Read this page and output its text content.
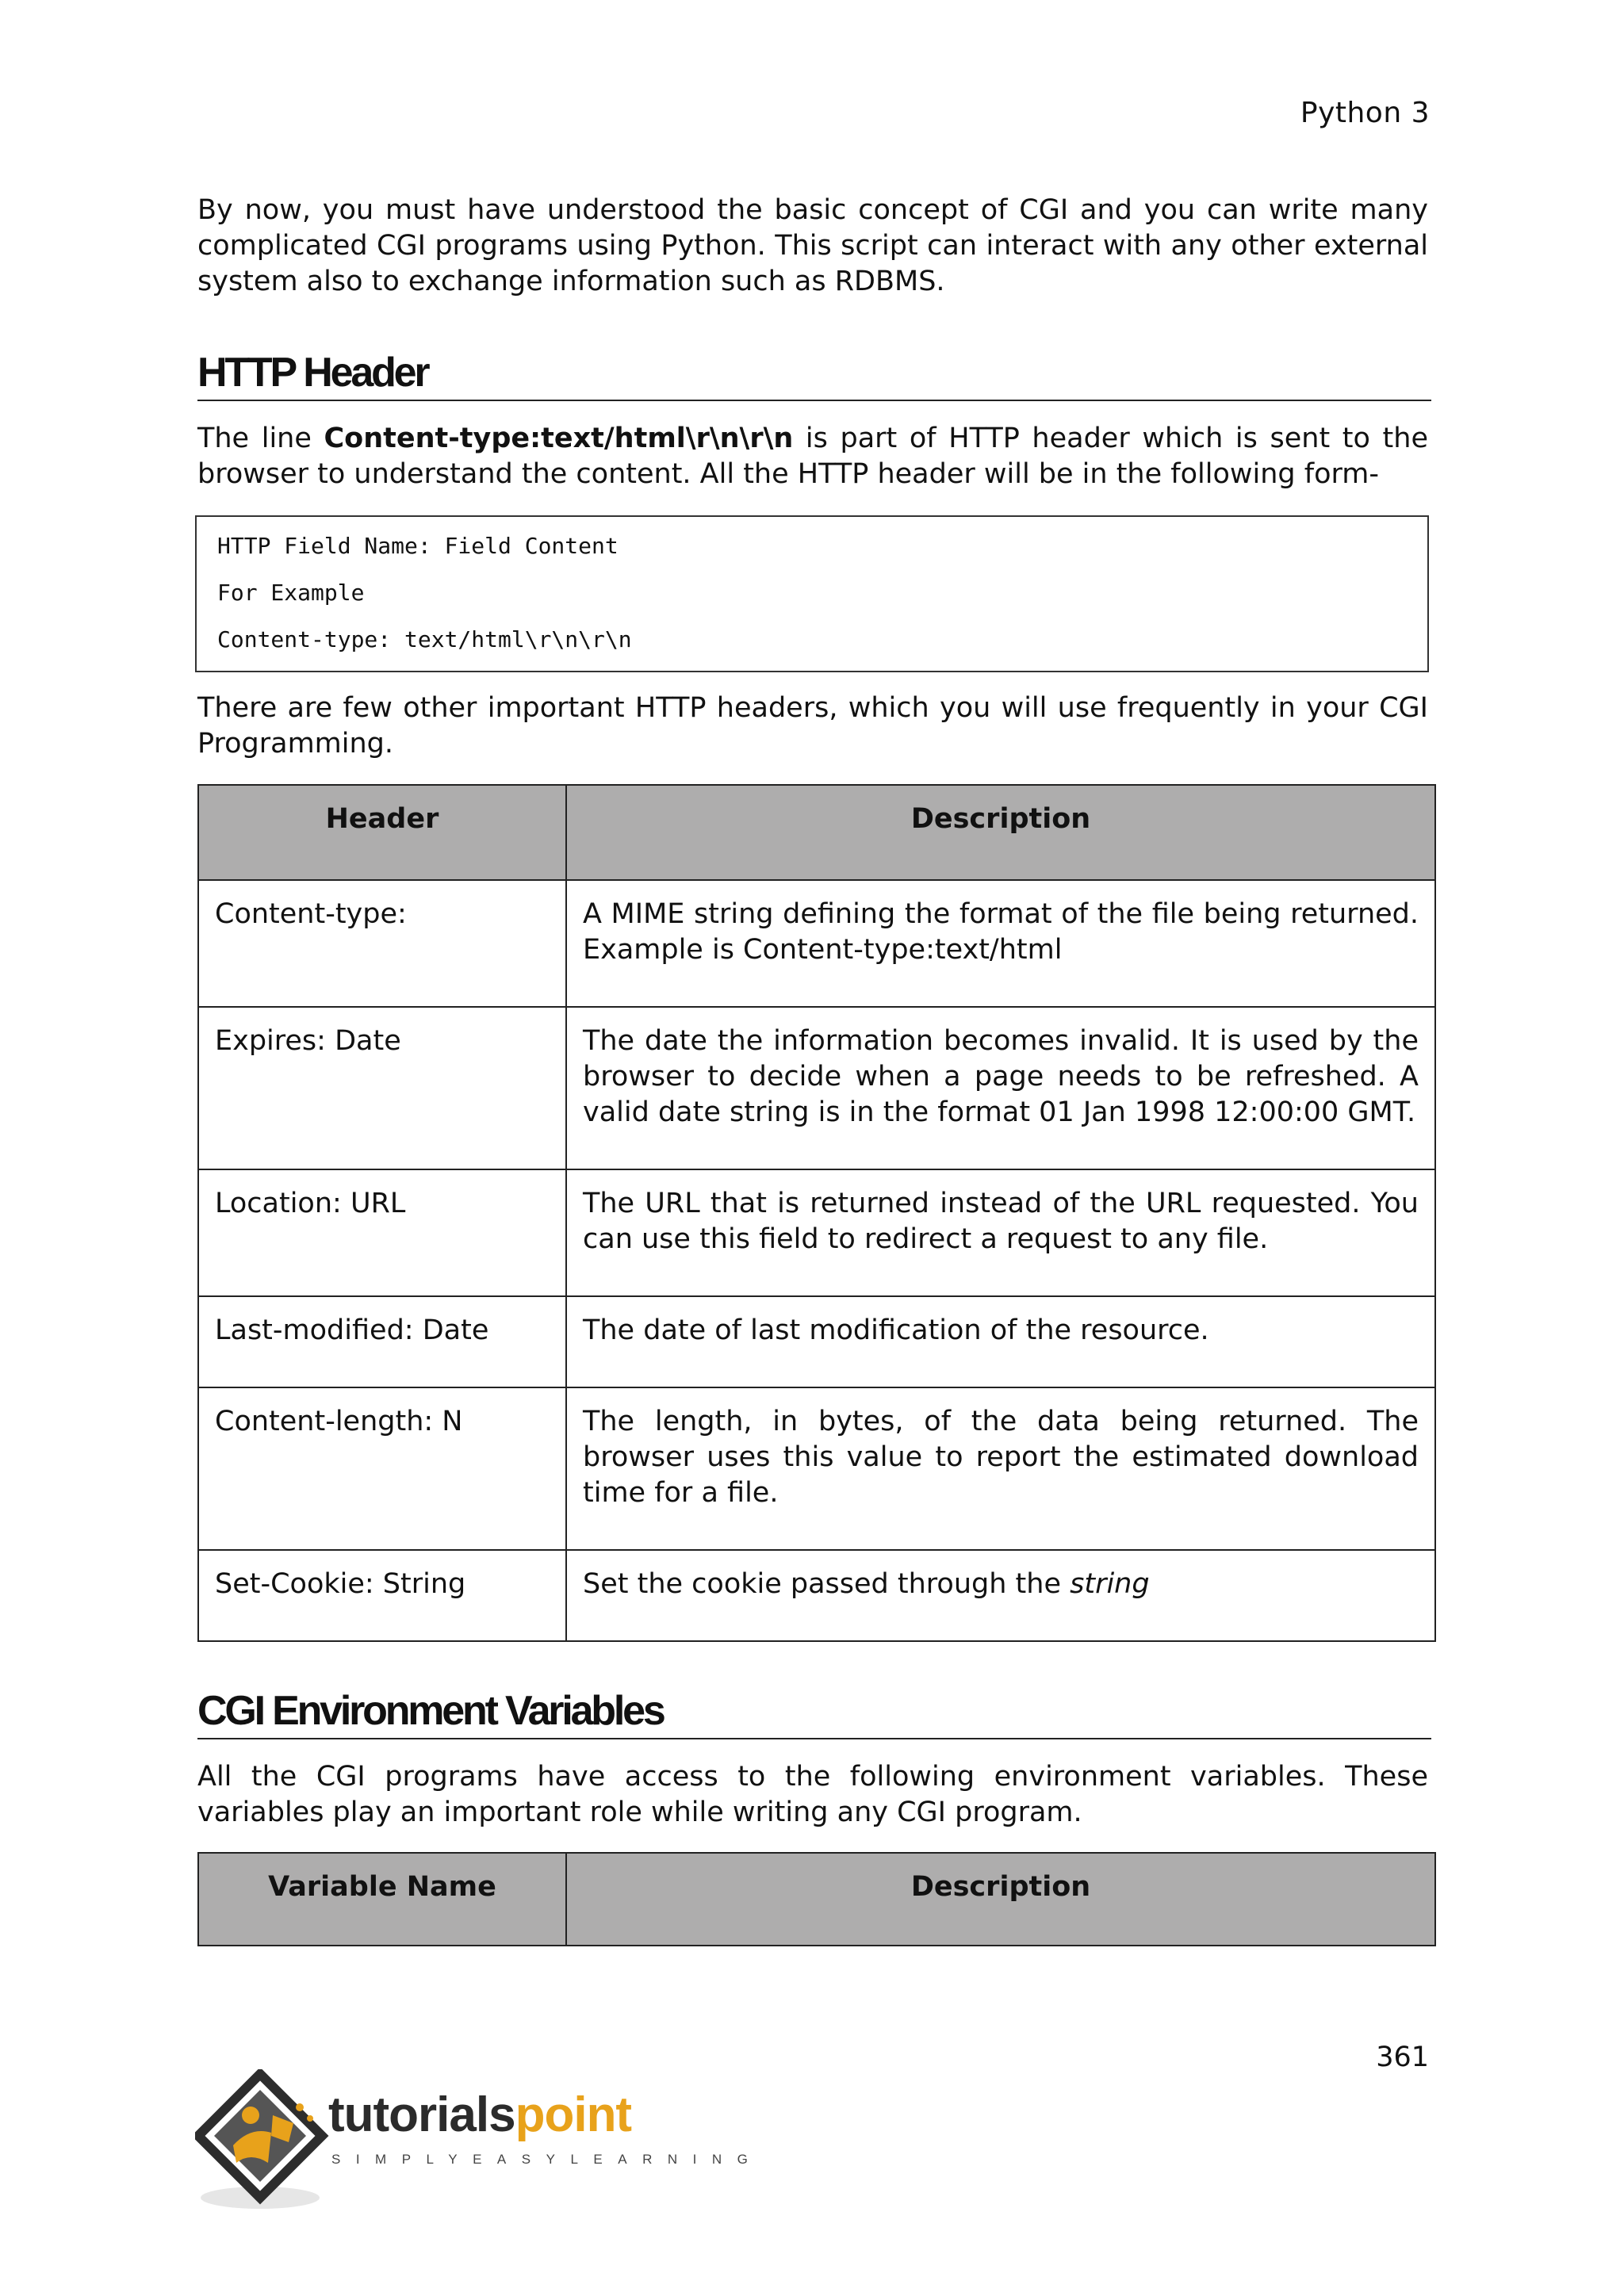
Python 3

By now, you must have understood the basic concept of CGI and you can write many complicated CGI programs using Python. This script can interact with any other external system also to exchange information such as RDBMS.

HTTP Header

The line Content-type:text/html\r\n\r\n is part of HTTP header which is sent to the browser to understand the content. All the HTTP header will be in the following form-

HTTP Field Name: Field Content
For Example
Content-type: text/html\r\n\r\n

There are few other important HTTP headers, which you will use frequently in your CGI Programming.

Header	Description
Content-type:	A MIME string defining the format of the file being returned. Example is Content-type:text/html
Expires: Date	The date the information becomes invalid. It is used by the browser to decide when a page needs to be refreshed. A valid date string is in the format 01 Jan 1998 12:00:00 GMT.
Location: URL	The URL that is returned instead of the URL requested. You can use this field to redirect a request to any file.
Last-modified: Date	The date of last modification of the resource.
Content-length: N	The length, in bytes, of the data being returned. The browser uses this value to report the estimated download time for a file.
Set-Cookie: String	Set the cookie passed through the string
CGI Environment Variables

All the CGI programs have access to the following environment variables. These variables play an important role while writing any CGI program.

Variable Name	Description
361
tutorialspoint
SIMPLYEASYLEARNING
